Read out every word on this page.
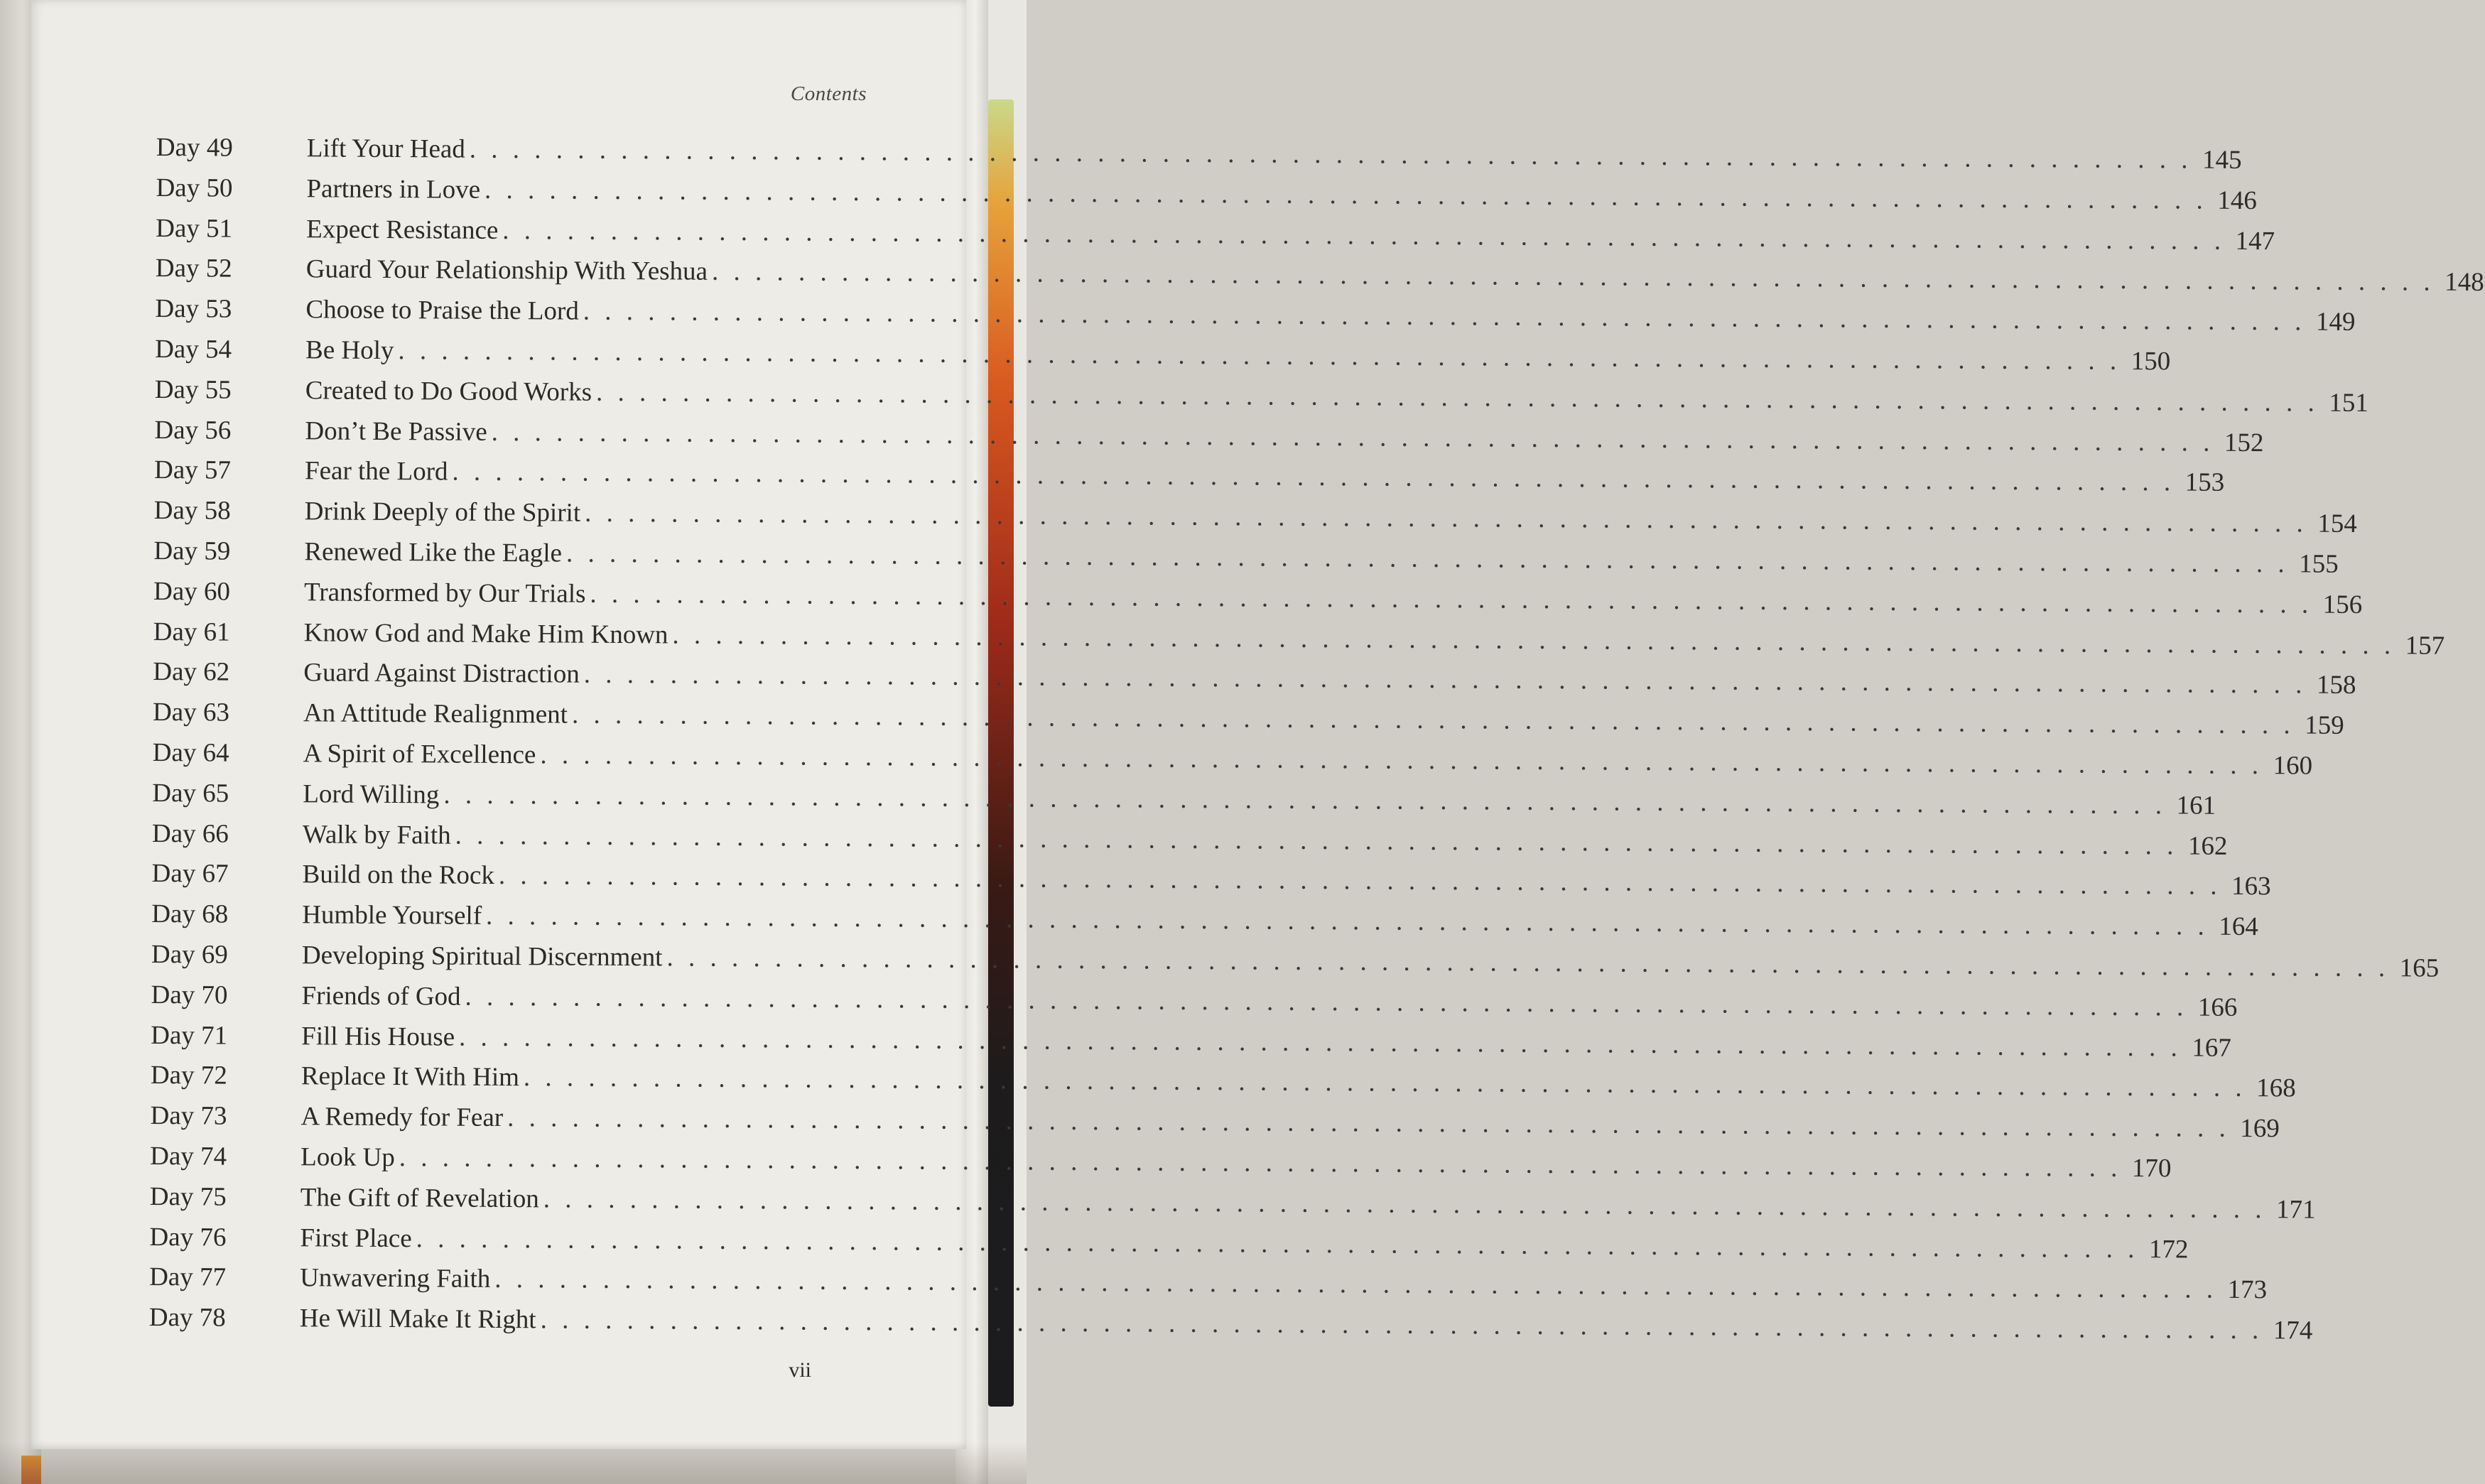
Contents
Day 49	Lift Your Head . . . . . . . . . . . . . . . . . . . . . . . . . . . . . . . . . . . . . . . . . . . . . . . . . . . . . . . . . . . . . . . . . . . . . . . . . . . . . . . . 145
Day 50	Partners in Love . . . . . . . . . . . . . . . . . . . . . . . . . . . . . . . . . . . . . . . . . . . . . . . . . . . . . . . . . . . . . . . . . . . . . . . . . . . . . . . . 146
Day 51	Expect Resistance . . . . . . . . . . . . . . . . . . . . . . . . . . . . . . . . . . . . . . . . . . . . . . . . . . . . . . . . . . . . . . . . . . . . . . . . . . . . . . . . 147
Day 52	Guard Your Relationship With Yeshua . . . . . . . . . . . . . . . . . . . . . . . . . . . . . . . . . . . . . . . . . . . . . . . . . . . . . . . . . . . . . . . . . . . . . . . . . . . . . . . . 148
Day 53	Choose to Praise the Lord . . . . . . . . . . . . . . . . . . . . . . . . . . . . . . . . . . . . . . . . . . . . . . . . . . . . . . . . . . . . . . . . . . . . . . . . . . . . . . . . 149
Day 54	Be Holy . . . . . . . . . . . . . . . . . . . . . . . . . . . . . . . . . . . . . . . . . . . . . . . . . . . . . . . . . . . . . . . . . . . . . . . . . . . . . . . . 150
Day 55	Created to Do Good Works . . . . . . . . . . . . . . . . . . . . . . . . . . . . . . . . . . . . . . . . . . . . . . . . . . . . . . . . . . . . . . . . . . . . . . . . . . . . . . . . 151
Day 56	Don’t Be Passive . . . . . . . . . . . . . . . . . . . . . . . . . . . . . . . . . . . . . . . . . . . . . . . . . . . . . . . . . . . . . . . . . . . . . . . . . . . . . . . . 152
Day 57	Fear the Lord . . . . . . . . . . . . . . . . . . . . . . . . . . . . . . . . . . . . . . . . . . . . . . . . . . . . . . . . . . . . . . . . . . . . . . . . . . . . . . . . 153
Day 58	Drink Deeply of the Spirit . . . . . . . . . . . . . . . . . . . . . . . . . . . . . . . . . . . . . . . . . . . . . . . . . . . . . . . . . . . . . . . . . . . . . . . . . . . . . . . . 154
Day 59	Renewed Like the Eagle . . . . . . . . . . . . . . . . . . . . . . . . . . . . . . . . . . . . . . . . . . . . . . . . . . . . . . . . . . . . . . . . . . . . . . . . . . . . . . . . 155
Day 60	Transformed by Our Trials . . . . . . . . . . . . . . . . . . . . . . . . . . . . . . . . . . . . . . . . . . . . . . . . . . . . . . . . . . . . . . . . . . . . . . . . . . . . . . . . 156
Day 61	Know God and Make Him Known . . . . . . . . . . . . . . . . . . . . . . . . . . . . . . . . . . . . . . . . . . . . . . . . . . . . . . . . . . . . . . . . . . . . . . . . . . . . . . . . 157
Day 62	Guard Against Distraction . . . . . . . . . . . . . . . . . . . . . . . . . . . . . . . . . . . . . . . . . . . . . . . . . . . . . . . . . . . . . . . . . . . . . . . . . . . . . . . . 158
Day 63	An Attitude Realignment . . . . . . . . . . . . . . . . . . . . . . . . . . . . . . . . . . . . . . . . . . . . . . . . . . . . . . . . . . . . . . . . . . . . . . . . . . . . . . . . 159
Day 64	A Spirit of Excellence . . . . . . . . . . . . . . . . . . . . . . . . . . . . . . . . . . . . . . . . . . . . . . . . . . . . . . . . . . . . . . . . . . . . . . . . . . . . . . . . 160
Day 65	Lord Willing . . . . . . . . . . . . . . . . . . . . . . . . . . . . . . . . . . . . . . . . . . . . . . . . . . . . . . . . . . . . . . . . . . . . . . . . . . . . . . . . 161
Day 66	Walk by Faith . . . . . . . . . . . . . . . . . . . . . . . . . . . . . . . . . . . . . . . . . . . . . . . . . . . . . . . . . . . . . . . . . . . . . . . . . . . . . . . . 162
Day 67	Build on the Rock . . . . . . . . . . . . . . . . . . . . . . . . . . . . . . . . . . . . . . . . . . . . . . . . . . . . . . . . . . . . . . . . . . . . . . . . . . . . . . . . 163
Day 68	Humble Yourself . . . . . . . . . . . . . . . . . . . . . . . . . . . . . . . . . . . . . . . . . . . . . . . . . . . . . . . . . . . . . . . . . . . . . . . . . . . . . . . . 164
Day 69	Developing Spiritual Discernment . . . . . . . . . . . . . . . . . . . . . . . . . . . . . . . . . . . . . . . . . . . . . . . . . . . . . . . . . . . . . . . . . . . . . . . . . . . . . . . . 165
Day 70	Friends of God . . . . . . . . . . . . . . . . . . . . . . . . . . . . . . . . . . . . . . . . . . . . . . . . . . . . . . . . . . . . . . . . . . . . . . . . . . . . . . . . 166
Day 71	Fill His House . . . . . . . . . . . . . . . . . . . . . . . . . . . . . . . . . . . . . . . . . . . . . . . . . . . . . . . . . . . . . . . . . . . . . . . . . . . . . . . . 167
Day 72	Replace It With Him . . . . . . . . . . . . . . . . . . . . . . . . . . . . . . . . . . . . . . . . . . . . . . . . . . . . . . . . . . . . . . . . . . . . . . . . . . . . . . . . 168
Day 73	A Remedy for Fear . . . . . . . . . . . . . . . . . . . . . . . . . . . . . . . . . . . . . . . . . . . . . . . . . . . . . . . . . . . . . . . . . . . . . . . . . . . . . . . . 169
Day 74	Look Up . . . . . . . . . . . . . . . . . . . . . . . . . . . . . . . . . . . . . . . . . . . . . . . . . . . . . . . . . . . . . . . . . . . . . . . . . . . . . . . . 170
Day 75	The Gift of Revelation . . . . . . . . . . . . . . . . . . . . . . . . . . . . . . . . . . . . . . . . . . . . . . . . . . . . . . . . . . . . . . . . . . . . . . . . . . . . . . . . 171
Day 76	First Place . . . . . . . . . . . . . . . . . . . . . . . . . . . . . . . . . . . . . . . . . . . . . . . . . . . . . . . . . . . . . . . . . . . . . . . . . . . . . . . . 172
Day 77	Unwavering Faith . . . . . . . . . . . . . . . . . . . . . . . . . . . . . . . . . . . . . . . . . . . . . . . . . . . . . . . . . . . . . . . . . . . . . . . . . . . . . . . . 173
Day 78	He Will Make It Right . . . . . . . . . . . . . . . . . . . . . . . . . . . . . . . . . . . . . . . . . . . . . . . . . . . . . . . . . . . . . . . . . . . . . . . . . . . . . . . . 174
vii
